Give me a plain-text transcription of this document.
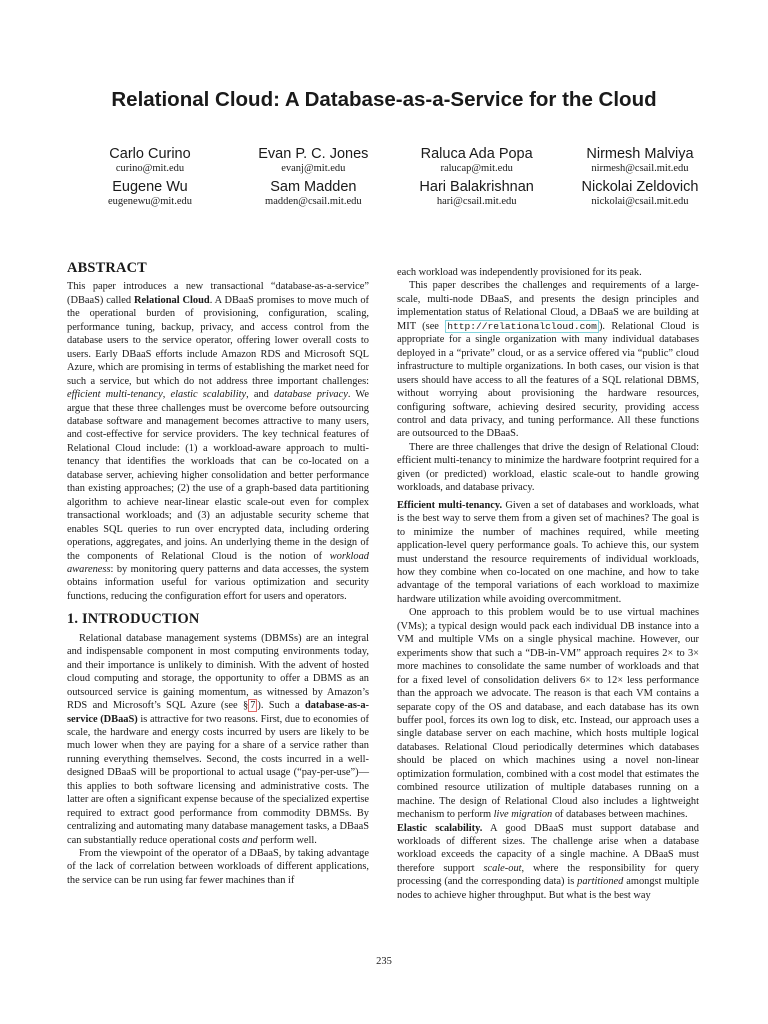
Relational Cloud: A Database-as-a-Service for the Cloud
Carlo Curino
curino@mit.edu
Evan P. C. Jones
evanj@mit.edu
Raluca Ada Popa
ralucap@mit.edu
Nirmesh Malviya
nirmesh@csail.mit.edu
Eugene Wu
eugenewu@mit.edu
Sam Madden
madden@csail.mit.edu
Hari Balakrishnan
hari@csail.mit.edu
Nickolai Zeldovich
nickolai@csail.mit.edu
ABSTRACT

This paper introduces a new transactional “database-as-a-service” (DBaaS) called Relational Cloud. A DBaaS promises to move much of the operational burden of provisioning, configuration, scaling, performance tuning, backup, privacy, and access control from the database users to the service operator, offering lower overall costs to users. Early DBaaS efforts include Amazon RDS and Microsoft SQL Azure, which are promising in terms of establishing the market need for such a service, but which do not address three important challenges: efficient multi-tenancy, elastic scalability, and database privacy. We argue that these three challenges must be overcome before outsourcing database software and management becomes attractive to many users, and cost-effective for service providers. The key technical features of Relational Cloud include: (1) a workload-aware approach to multi-tenancy that identifies the workloads that can be co-located on a database server, achieving higher consolidation and better performance than existing approaches; (2) the use of a graph-based data partitioning algorithm to achieve near-linear elastic scale-out even for complex transactional workloads; and (3) an adjustable security scheme that enables SQL queries to run over encrypted data, including ordering operations, aggregates, and joins. An underlying theme in the design of the components of Relational Cloud is the notion of workload awareness: by monitoring query patterns and data accesses, the system obtains information useful for various optimization and security functions, reducing the configuration effort for users and operators.

1. INTRODUCTION

Relational database management systems (DBMSs) are an integral and indispensable component in most computing environments today, and their importance is unlikely to diminish. With the advent of hosted cloud computing and storage, the opportunity to offer a DBMS as an outsourced service is gaining momentum, as witnessed by Amazon’s RDS and Microsoft’s SQL Azure (see § 7 ). Such a database-as-a-service (DBaaS) is attractive for two reasons. First, due to economies of scale, the hardware and energy costs incurred by users are likely to be much lower when they are paying for a share of a service rather than running everything themselves. Second, the costs incurred in a well-designed DBaaS will be proportional to actual usage (“pay-per-use”)—this applies to both software licensing and administrative costs. The latter are often a significant expense because of the specialized expertise required to extract good performance from commodity DBMSs. By centralizing and automating many database management tasks, a DBaaS can substantially reduce operational costs and perform well.

From the viewpoint of the operator of a DBaaS, by taking advantage of the lack of correlation between workloads of different applications, the service can be run using far fewer machines than if

each workload was independently provisioned for its peak.

This paper describes the challenges and requirements of a large-scale, multi-node DBaaS, and presents the design principles and implementation status of Relational Cloud, a DBaaS we are building at MIT (see http://relationalcloud.com ). Relational Cloud is appropriate for a single organization with many individual databases deployed in a “private” cloud, or as a service offered via “public” cloud infrastructure to multiple organizations. In both cases, our vision is that users should have access to all the features of a SQL relational DBMS, without worrying about provisioning the hardware resources, configuring software, achieving desired security, providing access control and data privacy, and tuning performance. All these functions are outsourced to the DBaaS.

There are three challenges that drive the design of Relational Cloud: efficient multi-tenancy to minimize the hardware footprint required for a given (or predicted) workload, elastic scale-out to handle growing workloads, and database privacy.

Efficient multi-tenancy. Given a set of databases and workloads, what is the best way to serve them from a given set of machines? The goal is to minimize the number of machines required, while meeting application-level query performance goals. To achieve this, our system must understand the resource requirements of individual workloads, how they combine when co-located on one machine, and how to take advantage of the temporal variations of each workload to maximize hardware utilization while avoiding overcommitment.

One approach to this problem would be to use virtual machines (VMs); a typical design would pack each individual DB instance into a VM and multiple VMs on a single physical machine. However, our experiments show that such a “DB-in-VM” approach requires 2× to 3× more machines to consolidate the same number of workloads and that for a fixed level of consolidation delivers 6× to 12× less performance than the approach we advocate. The reason is that each VM contains a separate copy of the OS and database, and each database has its own buffer pool, forces its own log to disk, etc. Instead, our approach uses a single database server on each machine, which hosts multiple logical databases. Relational Cloud periodically determines which databases should be placed on which machines using a novel non-linear optimization formulation, combined with a cost model that estimates the combined resource utilization of multiple databases running on a machine. The design of Relational Cloud also includes a lightweight mechanism to perform live migration of databases between machines.

Elastic scalability. A good DBaaS must support database and workloads of different sizes. The challenge arise when a database workload exceeds the capacity of a single machine. A DBaaS must therefore support scale-out, where the responsibility for query processing (and the corresponding data) is partitioned amongst multiple nodes to achieve higher throughput. But what is the best way

235
